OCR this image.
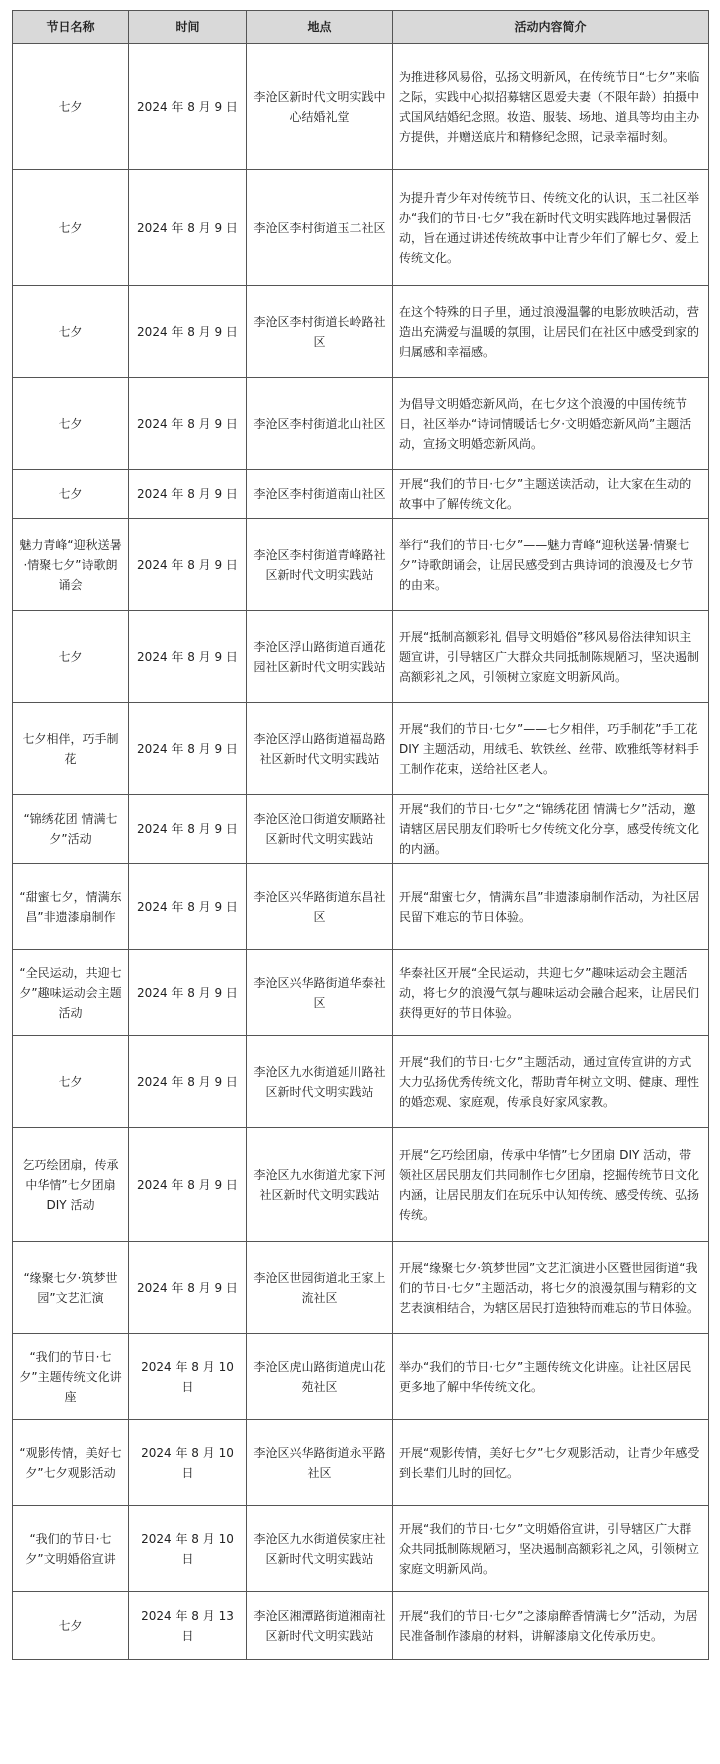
节日名称	时间	地点	活动内容简介
七夕	2024 年 8 月 9 日	李沧区新时代文明实践中心结婚礼堂	为推进移风易俗，弘扬文明新风，在传统节日“七夕”来临之际，实践中心拟招募辖区恩爱夫妻（不限年龄）拍摄中式国风结婚纪念照。妆造、服装、场地、道具等均由主办方提供，并赠送底片和精修纪念照，记录幸福时刻。
七夕	2024 年 8 月 9 日	李沧区李村街道玉二社区	为提升青少年对传统节日、传统文化的认识，玉二社区举办“我们的节日·七夕”我在新时代文明实践阵地过暑假活动，旨在通过讲述传统故事中让青少年们了解七夕、爱上传统文化。
七夕	2024 年 8 月 9 日	李沧区李村街道长岭路社区	在这个特殊的日子里，通过浪漫温馨的电影放映活动，营造出充满爱与温暖的氛围，让居民们在社区中感受到家的归属感和幸福感。
七夕	2024 年 8 月 9 日	李沧区李村街道北山社区	为倡导文明婚恋新风尚，在七夕这个浪漫的中国传统节日，社区举办“诗词情暖话七夕·文明婚恋新风尚”主题活动，宣扬文明婚恋新风尚。
七夕	2024 年 8 月 9 日	李沧区李村街道南山社区	开展“我们的节日·七夕”主题送读活动，让大家在生动的故事中了解传统文化。
魅力青峰“迎秋送暑·情聚七夕”诗歌朗诵会	2024 年 8 月 9 日	李沧区李村街道青峰路社区新时代文明实践站	举行“我们的节日·七夕”——魅力青峰“迎秋送暑·情聚七夕”诗歌朗诵会，让居民感受到古典诗词的浪漫及七夕节的由来。
七夕	2024 年 8 月 9 日	李沧区浮山路街道百通花园社区新时代文明实践站	开展“抵制高额彩礼 倡导文明婚俗”移风易俗法律知识主题宣讲，引导辖区广大群众共同抵制陈规陋习，坚决遏制高额彩礼之风，引领树立家庭文明新风尚。
七夕相伴，巧手制花	2024 年 8 月 9 日	李沧区浮山路街道福岛路社区新时代文明实践站	开展“我们的节日·七夕”——七夕相伴，巧手制花”手工花 DIY 主题活动，用绒毛、软铁丝、丝带、欧雅纸等材料手工制作花束，送给社区老人。
“锦绣花团 情满七夕”活动	2024 年 8 月 9 日	李沧区沧口街道安顺路社区新时代文明实践站	开展“我们的节日·七夕”之“锦绣花团 情满七夕”活动，邀请辖区居民朋友们聆听七夕传统文化分享，感受传统文化的内涵。
“甜蜜七夕，情满东昌”非遗漆扇制作	2024 年 8 月 9 日	李沧区兴华路街道东昌社区	开展“甜蜜七夕，情满东昌”非遗漆扇制作活动，为社区居民留下难忘的节日体验。
“全民运动，共迎七夕”趣味运动会主题活动	2024 年 8 月 9 日	李沧区兴华路街道华泰社区	华泰社区开展“全民运动，共迎七夕”趣味运动会主题活动，将七夕的浪漫气氛与趣味运动会融合起来，让居民们获得更好的节日体验。
七夕	2024 年 8 月 9 日	李沧区九水街道延川路社区新时代文明实践站	开展“我们的节日·七夕”主题活动，通过宣传宣讲的方式大力弘扬优秀传统文化，帮助青年树立文明、健康、理性的婚恋观、家庭观，传承良好家风家教。
乞巧绘团扇，传承中华情”七夕团扇 DIY 活动	2024 年 8 月 9 日	李沧区九水街道尤家下河社区新时代文明实践站	开展“乞巧绘团扇，传承中华情”七夕团扇 DIY 活动，带领社区居民朋友们共同制作七夕团扇，挖掘传统节日文化内涵，让居民朋友们在玩乐中认知传统、感受传统、弘扬传统。
“缘聚七夕·筑梦世园”文艺汇演	2024 年 8 月 9 日	李沧区世园街道北王家上流社区	开展“缘聚七夕·筑梦世园”文艺汇演进小区暨世园街道“我们的节日·七夕”主题活动，将七夕的浪漫氛围与精彩的文艺表演相结合，为辖区居民打造独特而难忘的节日体验。
“我们的节日·七夕”主题传统文化讲座	2024 年 8 月 10 日	李沧区虎山路街道虎山花苑社区	举办“我们的节日·七夕”主题传统文化讲座。让社区居民更多地了解中华传统文化。
“观影传情，美好七夕”七夕观影活动	2024 年 8 月 10 日	李沧区兴华路街道永平路社区	开展“观影传情，美好七夕”七夕观影活动，让青少年感受到长辈们儿时的回忆。
“我们的节日·七夕”文明婚俗宣讲	2024 年 8 月 10 日	李沧区九水街道侯家庄社区新时代文明实践站	开展“我们的节日·七夕”文明婚俗宣讲，引导辖区广大群众共同抵制陈规陋习，坚决遏制高额彩礼之风，引领树立家庭文明新风尚。
七夕	2024 年 8 月 13 日	李沧区湘潭路街道湘南社区新时代文明实践站	开展“我们的节日·七夕”之漆扇醉香情满七夕”活动，为居民准备制作漆扇的材料，讲解漆扇文化传承历史。
